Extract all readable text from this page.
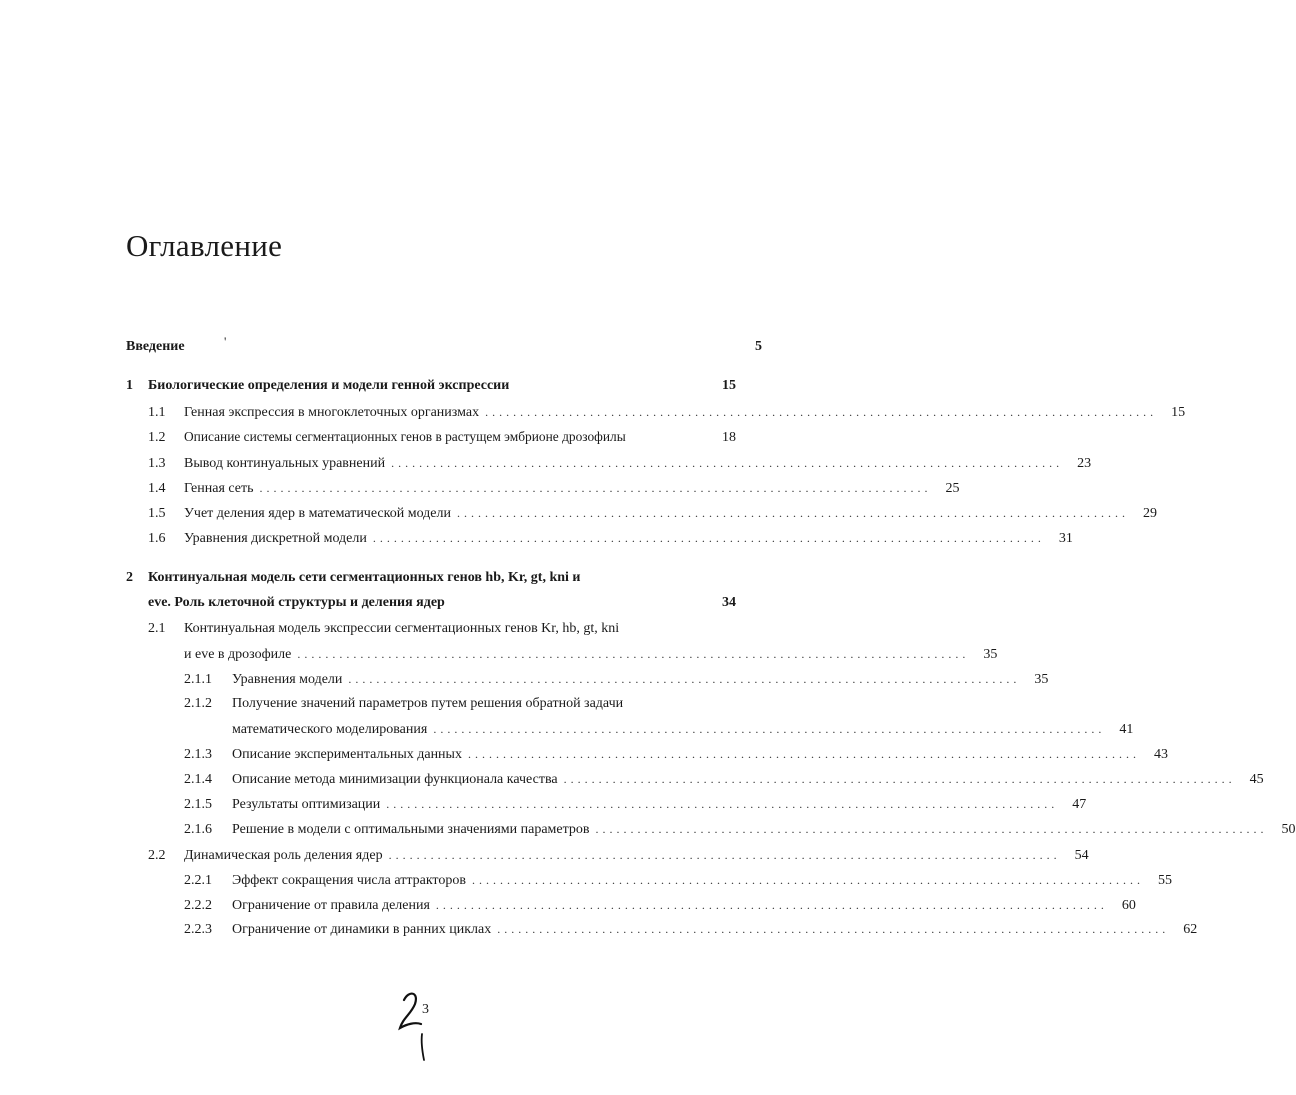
Оглавление
Введение	5
'
1	Биологические определения и модели генной экспрессии	15
1.1	Генная экспрессия в многоклеточных организмах ................................................................................................	15
1.2	Описание системы сегментационных генов в растущем эмбрионе дрозофилы	18
1.3	Вывод континуальных уравнений ................................................................................................	23
1.4	Генная сеть ................................................................................................	25
1.5	Учет деления ядер в математической модели ................................................................................................	29
1.6	Уравнения дискретной модели ................................................................................................	31
2	Континуальная модель сети сегментационных генов hb, Kr, gt, kni и
eve. Роль клеточной структуры и деления ядер	34
2.1	Континуальная модель экспрессии сегментационных генов Kr, hb, gt, kni
и eve в дрозофиле ................................................................................................	35
2.1.1	Уравнения модели ................................................................................................	35
2.1.2	Получение значений параметров путем решения обратной задачи
математического моделирования ................................................................................................	41
2.1.3	Описание экспериментальных данных ................................................................................................	43
2.1.4	Описание метода минимизации функционала качества ................................................................................................	45
2.1.5	Результаты оптимизации ................................................................................................	47
2.1.6	Решение в модели с оптимальными значениями параметров ................................................................................................	50
2.2	Динамическая роль деления ядер ................................................................................................	54
2.2.1	Эффект сокращения числа аттракторов ................................................................................................	55
2.2.2	Ограничение от правила деления ................................................................................................	60
2.2.3	Ограничение от динамики в ранних циклах ................................................................................................	62
3
